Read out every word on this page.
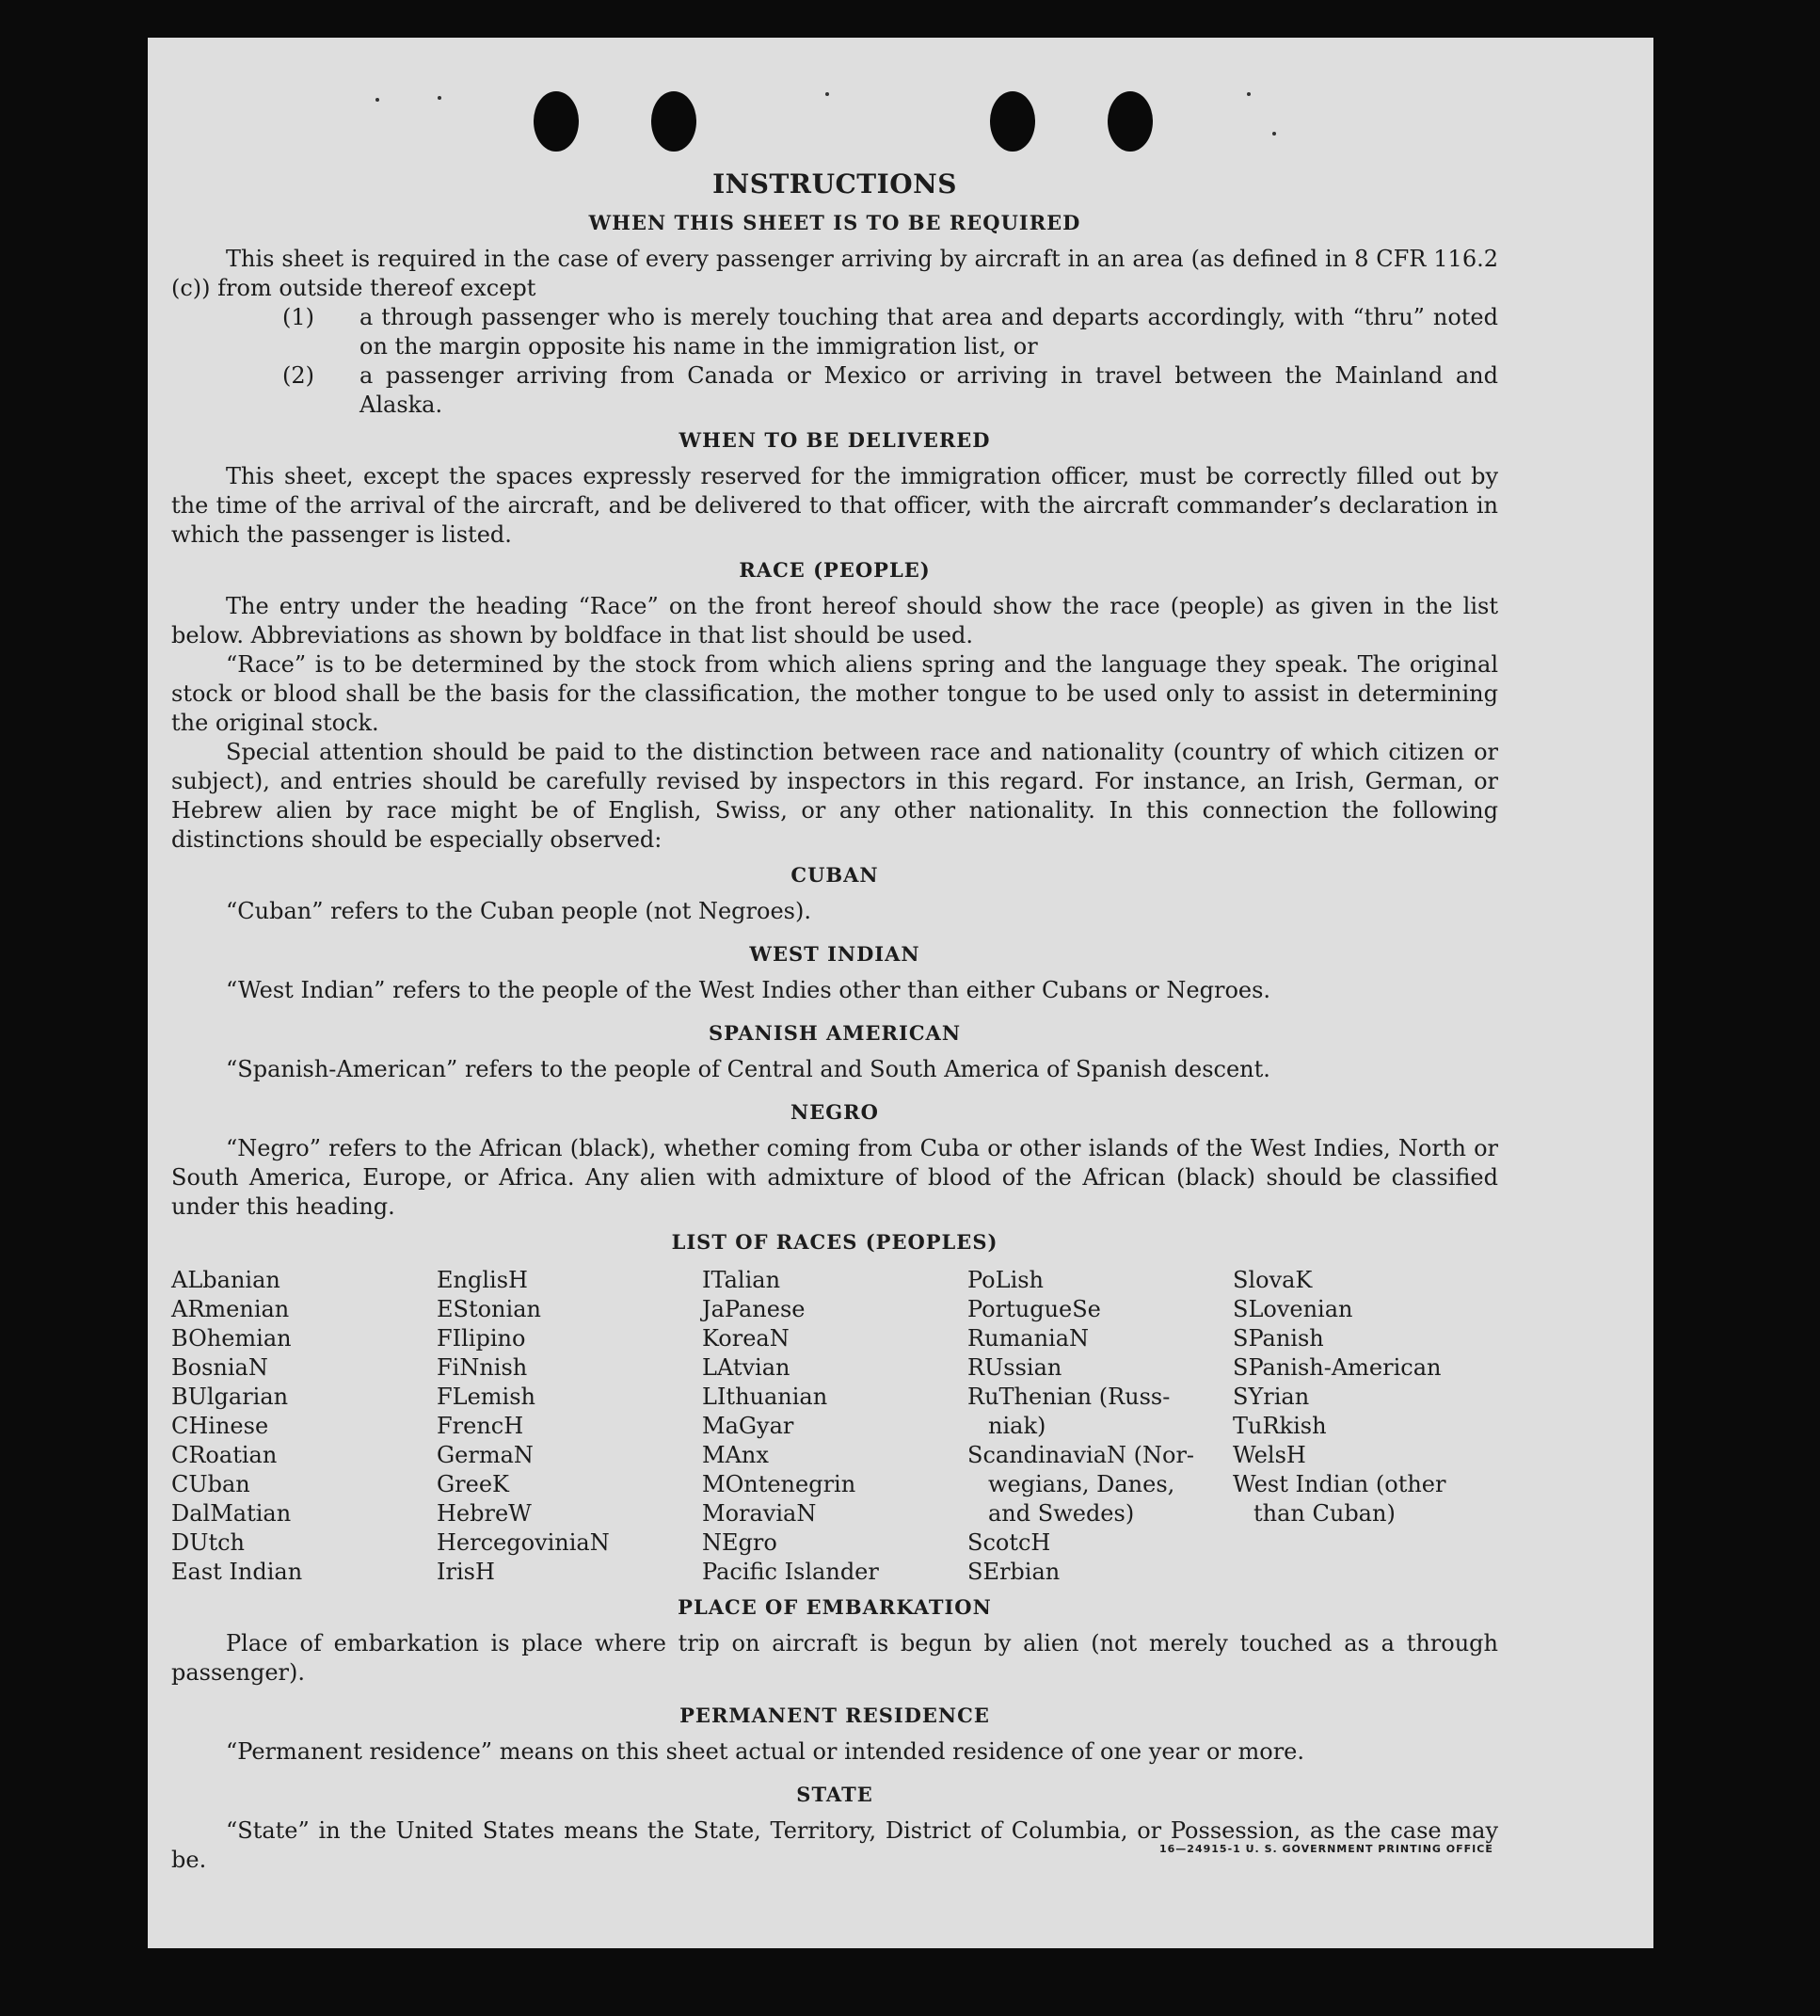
INSTRUCTIONS
WHEN THIS SHEET IS TO BE REQUIRED

This sheet is required in the case of every passenger arriving by aircraft in an area (as defined in 8 CFR 116.2 (c)) from outside thereof except

(1) a through passenger who is merely touching that area and departs accordingly, with “thru” noted on the margin opposite his name in the immigration list, or
(2) a passenger arriving from Canada or Mexico or arriving in travel between the Mainland and Alaska.
WHEN TO BE DELIVERED

This sheet, except the spaces expressly reserved for the immigration officer, must be correctly filled out by the time of the arrival of the aircraft, and be delivered to that officer, with the aircraft commander’s declaration in which the passenger is listed.

RACE (PEOPLE)

The entry under the heading “Race” on the front hereof should show the race (people) as given in the list below. Abbreviations as shown by boldface in that list should be used.

“Race” is to be determined by the stock from which aliens spring and the language they speak. The original stock or blood shall be the basis for the classification, the mother tongue to be used only to assist in determining the original stock.

Special attention should be paid to the distinction between race and nationality (country of which citizen or subject), and entries should be carefully revised by inspectors in this regard. For instance, an Irish, German, or Hebrew alien by race might be of English, Swiss, or any other nationality. In this connection the following distinctions should be especially observed:

CUBAN

“Cuban” refers to the Cuban people (not Negroes).

WEST INDIAN

“West Indian” refers to the people of the West Indies other than either Cubans or Negroes.

SPANISH AMERICAN

“Spanish-American” refers to the people of Central and South America of Spanish descent.

NEGRO

“Negro” refers to the African (black), whether coming from Cuba or other islands of the West Indies, North or South America, Europe, or Africa. Any alien with admixture of blood of the African (black) should be classified under this heading.

LIST OF RACES (PEOPLES)
ALbanian
ARmenian
BOhemian
BosniaN
BUlgarian
CHinese
CRoatian
CUban
DalMatian
DUtch
East Indian
EnglisH
EStonian
FIlipino
FiNnish
FLemish
FrencH
GermaN
GreeK
HebreW
HercegoviniaN
IrisH
ITalian
JaPanese
KoreaN
LAtvian
LIthuanian
MaGyar
MAnx
MOntenegrin
MoraviaN
NEgro
Pacific Islander
PoLish
PortugueSe
RumaniaN
RUssian
RuThenian (Russ-
niak)
ScandinaviaN (Nor-
wegians, Danes,
and Swedes)
ScotcH
SErbian
SlovaK
SLovenian
SPanish
SPanish-American
SYrian
TuRkish
WelsH
West Indian (other
than Cuban)
PLACE OF EMBARKATION

Place of embarkation is place where trip on aircraft is begun by alien (not merely touched as a through passenger).

PERMANENT RESIDENCE

“Permanent residence” means on this sheet actual or intended residence of one year or more.

STATE

“State” in the United States means the State, Territory, District of Columbia, or Possession, as the case may be.	16—24915-1 U. S. GOVERNMENT PRINTING OFFICE
